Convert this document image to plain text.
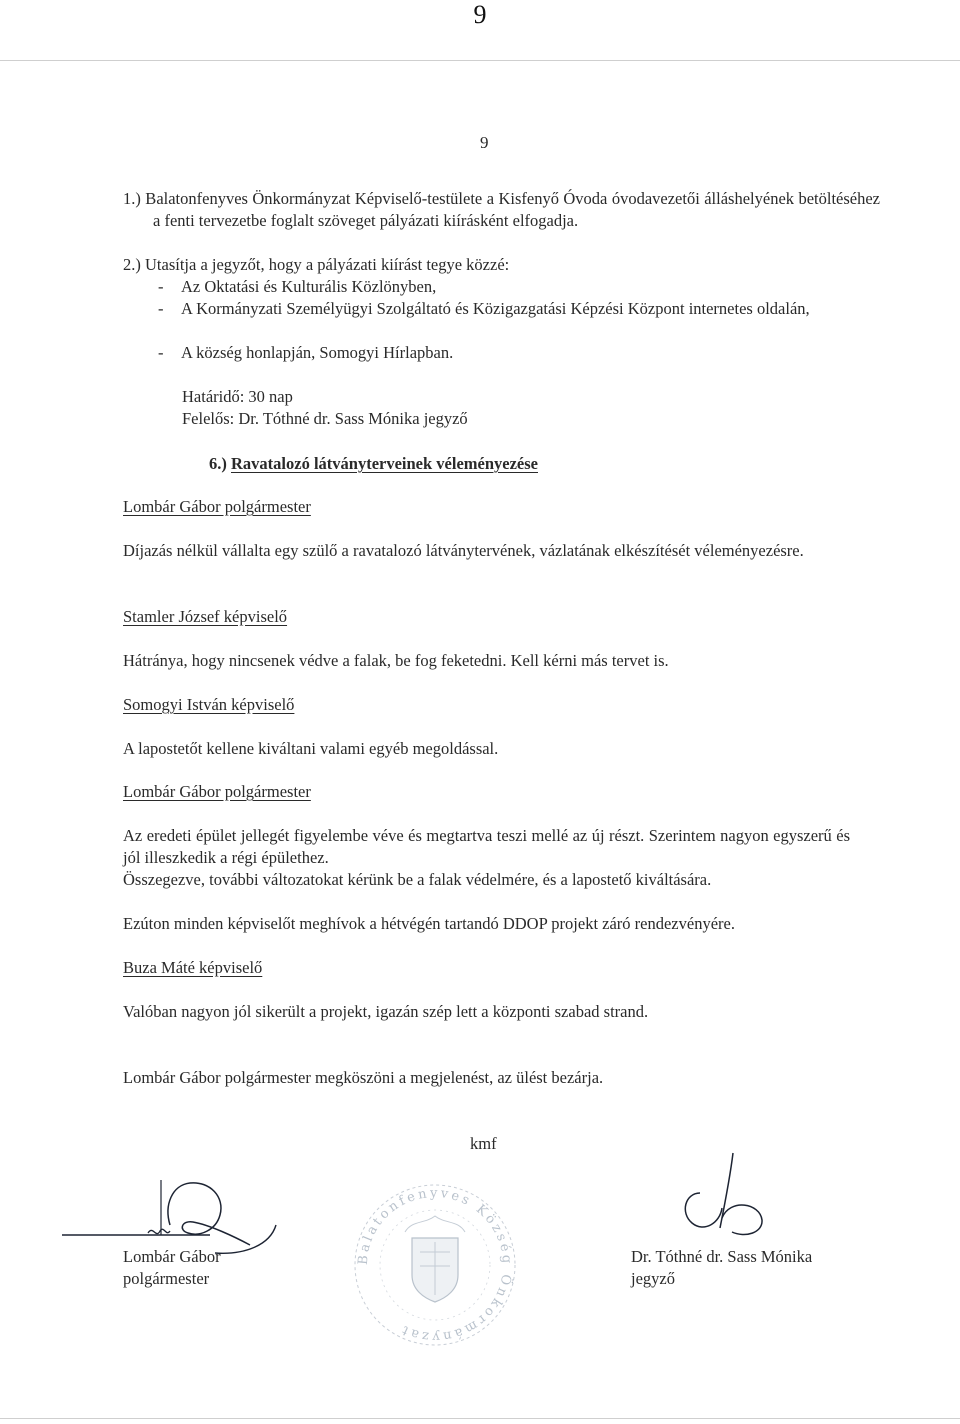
9
9
1.) Balatonfenyves Önkormányzat Képviselő-testülete a Kisfenyő Óvoda óvodavezetői álláshelyének betöltéséhez a fenti tervezetbe foglalt szöveget pályázati kiírásként elfogadja.
2.) Utasítja a jegyzőt, hogy a pályázati kiírást tegye közzé:
- Az Oktatási és Kulturális Közlönyben,
- A Kormányzati Személyügyi Szolgáltató és Közigazgatási Képzési Központ internetes oldalán,
- A község honlapján, Somogyi Hírlapban.
Határidő: 30 nap
Felelős: Dr. Tóthné dr. Sass Mónika jegyző
6.) Ravatalozó látványterveinek véleményezése
Lombár Gábor polgármester
Díjazás nélkül vállalta egy szülő a ravatalozó látványtervének, vázlatának elkészítését véleményezésre.
Stamler József képviselő
Hátránya, hogy nincsenek védve a falak, be fog feketedni. Kell kérni más tervet is.
Somogyi István képviselő
A lapostetőt kellene kiváltani valami egyéb megoldással.
Lombár Gábor polgármester
Az eredeti épület jellegét figyelembe véve és megtartva teszi mellé az új részt. Szerintem nagyon egyszerű és jól illeszkedik a régi épülethez.
Összegezve, további változatokat kérünk be a falak védelmére, és a lapostető kiváltására.
Ezúton minden képviselőt meghívok a hétvégén tartandó DDOP projekt záró rendezvényére.
Buza Máté képviselő
Valóban nagyon jól sikerült a projekt, igazán szép lett a központi szabad strand.
Lombár Gábor polgármester megköszöni a megjelenést, az ülést bezárja.
kmf
Lombár Gábor
polgármester
Balatonfenyves Község Önkormányzat
Dr. Tóthné dr. Sass Mónika
jegyző
